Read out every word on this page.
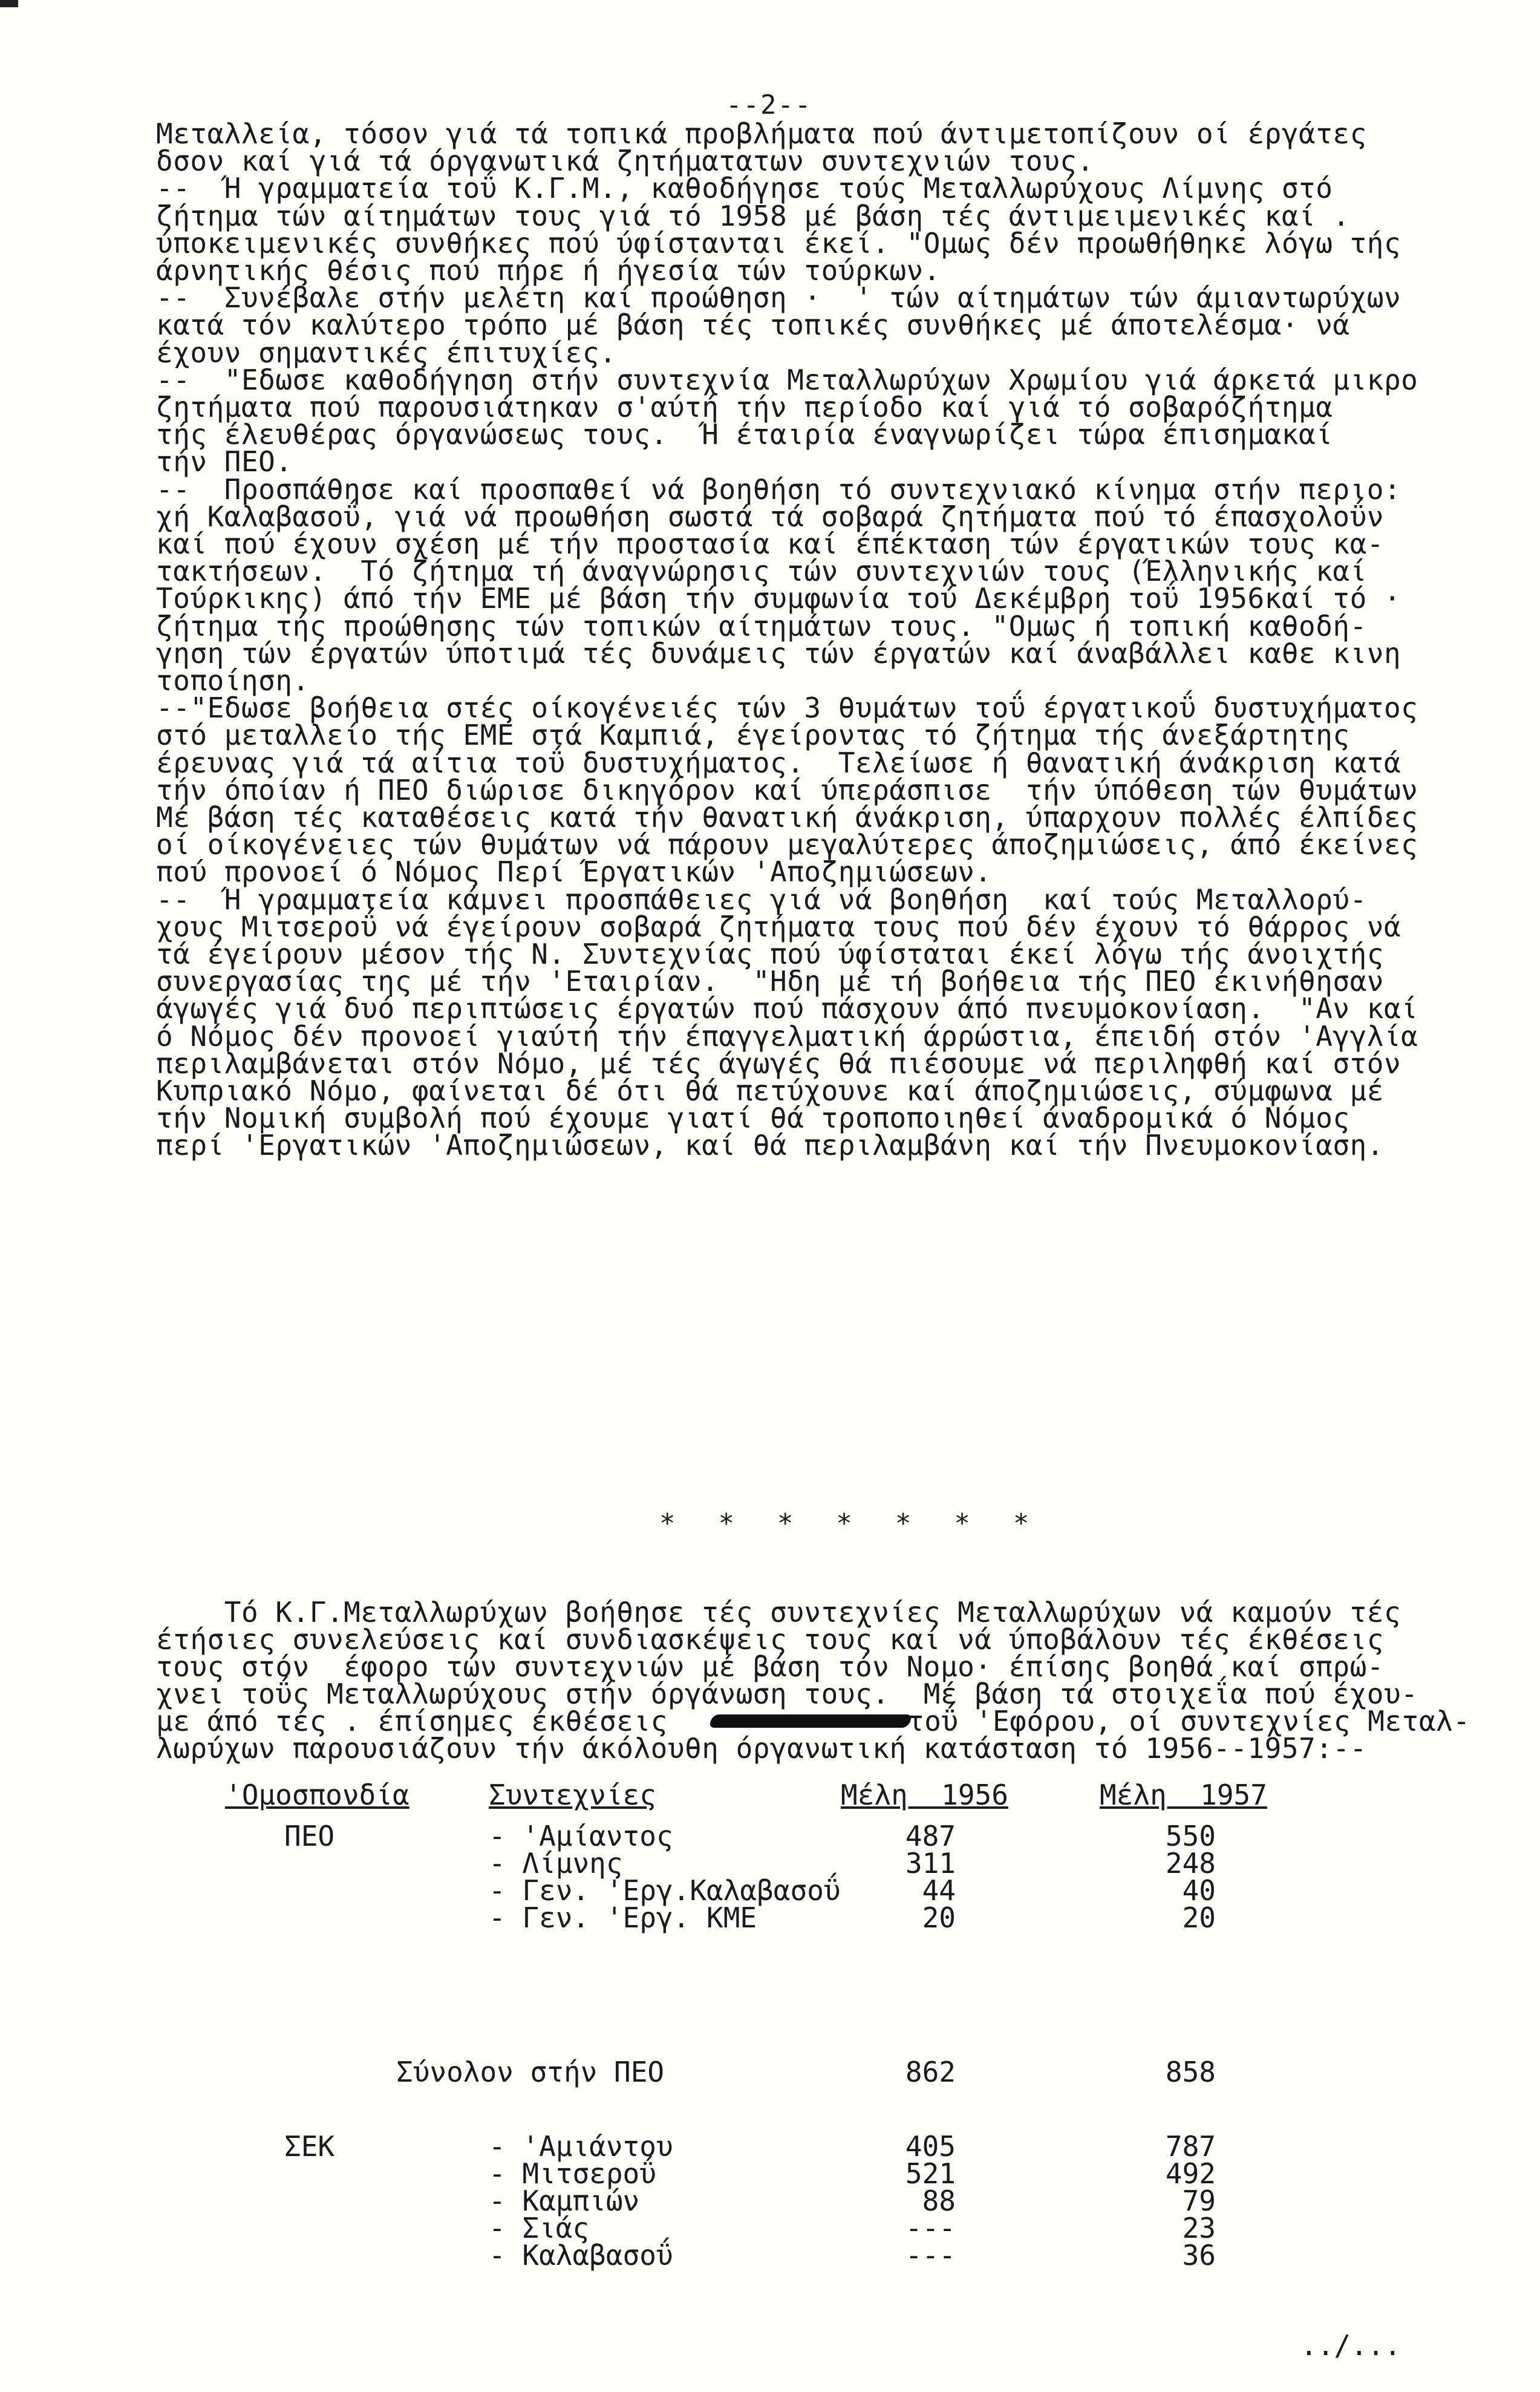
--2--
Μεταλλεία, τόσον γιά τά τοπικά προβλήματα πού άντιμετοπίζουν οί έργάτες
δσον καί γιά τά όργανωτικά ζητήματατων συντεχνιών τους.
--  Ή γραμματεία τοΰ Κ.Γ.Μ., καθοδήγησε τούς Μεταλλωρύχους Λίμνης στό
ζήτημα τών αίτημάτων τους γιά τό 1958 μέ βάση τές άντιμειμενικές καί .
ύποκειμενικές συνθήκες πού ύφίστανται έκεί. "Ομως δέν προωθήθηκε λόγω τής
άρνητικής θέσις πού πήρε ή ήγεσία τών τούρκων.
--  Συνέβαλε στήν μελέτη καί προώθηση ·  ' τών αίτημάτων τών άμιαντωρύχων
κατά τόν καλύτερο τρόπο μέ βάση τές τοπικές συνθήκες μέ άποτελέσμα· νά
έχουν σημαντικές έπιτυχίες.
--  "Εδωσε καθοδήγηση στήν συντεχνία Μεταλλωρύχων Χρωμίου γιά άρκετά μικρο
ζητήματα πού παρουσιάτηκαν σ'αύτή τήν περίοδο καί γιά τό σοβαρόζήτημα
τής έλευθέρας όργανώσεως τους.  Ή έταιρία έναγνωρίζει τώρα έπισημακαί
τήν ΠΕΟ.
--  Προσπάθησε καί προσπαθεί νά βοηθήση τό συντεχνιακό κίνημα στήν περιο:
χή Καλαβασοΰ, γιά νά προωθήση σωστά τά σοβαρά ζητήματα πού τό έπασχολοΰν
καί πού έχουν σχέση μέ τήν προστασία καί έπέκταση τών έργατικών τους κα-
τακτήσεων.  Τό ζήτημα τή άναγνώρησις τών συντεχνιών τους (Έλληνικής καί
Τούρκικης) άπό τήν ΕΜΕ μέ βάση τήν συμφωνία τού Δεκέμβρη τοΰ 1956καί τό ·
ζήτημα τής προώθησης τών τοπικών αίτημάτων τους. "Ομως ή τοπική καθοδή-
γηση τών έργατών ύποτιμά τές δυνάμεις τών έργατών καί άναβάλλει καθε κινη
τοποίηση.
--"Εδωσε βοήθεια στές οίκογένειές τών 3 θυμάτων τοΰ έργατικοΰ δυστυχήματος
στό μεταλλείο τής ΕΜΕ στά Καμπιά, έγείροντας τό ζήτημα τής άνεξάρτητης
έρευνας γιά τά αίτια τοΰ δυστυχήματος.  Τελείωσε ή θανατική άνάκριση κατά
τήν όποίαν ή ΠΕΟ διώρισε δικηγόρον καί ύπεράσπισε  τήν ύπόθεση τών θυμάτων
Μέ βάση τές καταθέσεις κατά τήν θανατική άνάκριση, ύπαρχουν πολλές έλπίδες
οί οίκογένειες τών θυμάτων νά πάρουν μεγαλύτερες άποζημιώσεις, άπό έκείνες
πού προνοεί ό Νόμος Περί Έργατικών 'Αποζημιώσεων.
--  Ή γραμματεία κάμνει προσπάθειες γιά νά βοηθήση  καί τούς Μεταλλορύ-
χους Μιτσεροΰ νά έγείρουν σοβαρά ζητήματα τους πού δέν έχουν τό θάρρος νά
τά έγείρουν μέσον τής Ν. Συντεχνίας πού ύφίσταται έκεί λόγω τής άνοιχτής
συνεργασίας της μέ τήν 'Εταιρίαν.  "Ηδη μέ τή βοήθεια τής ΠΕΟ έκινήθησαν
άγωγές γιά δυό περιπτώσεις έργατών πού πάσχουν άπό πνευμοκονίαση.  "Αν καί
ό Νόμος δέν προνοεί γιαύτή τήν έπαγγελματική άρρώστια, έπειδή στόν 'Αγγλία
περιλαμβάνεται στόν Νόμο, μέ τές άγωγές θά πιέσουμε νά περιληφθή καί στόν
Κυπριακό Νόμο, φαίνεται δέ ότι θά πετύχουνε καί άποζημιώσεις, σύμφωνα μέ
τήν Νομική συμβολή πού έχουμε γιατί θά τροποποιηθεί άναδρομικά ό Νόμος
περί 'Εργατικών 'Αποζημιώσεων, καί θά περιλαμβάνη καί τήν Πνευμοκονίαση.
*  *  *  *  *  *  *
Τό Κ.Γ.Μεταλλωρύχων βοήθησε τές συντεχνίες Μεταλλωρύχων νά καμούν τές
έτήσιες συνελεύσεις καί συνδιασκέψεις τους καί νά ύποβάλουν τές έκθέσεις
τους στόν  έφορο τών συντεχνιών μέ βάση τόν Νομο· έπίσης βοηθά καί σπρώ-
χνει τοΰς Μεταλλωρύχους στήν όργάνωση τους.  Μέ βάση τά στοιχεΐα πού έχου-
με άπό τές . έπίσημες έκθέσεις	τοΰ 'Εφόρου, οί συντεχνίες Μεταλ-
λωρύχων παρουσιάζουν τήν άκόλουθη όργανωτική κατάσταση τό 1956--1957:--
'Ομοσπονδία	Συντεχνίες	Μέλη  1956	Μέλη  1957
ΠΕΟ	- 'Αμίαντος	487	550
- Λίμνης	311	248
- Γεν. 'Εργ.Καλαβασοΰ	44	40
- Γεν. 'Εργ. ΚΜΕ	20	20
Σύνολον στήν ΠΕΟ	862	858
ΣΕΚ	- 'Αμιάντου	405	787
- Μιτσεροΰ	521	492
- Καμπιών	88	79
- Σιάς	---	23
- Καλαβασοΰ	---	36
../...
